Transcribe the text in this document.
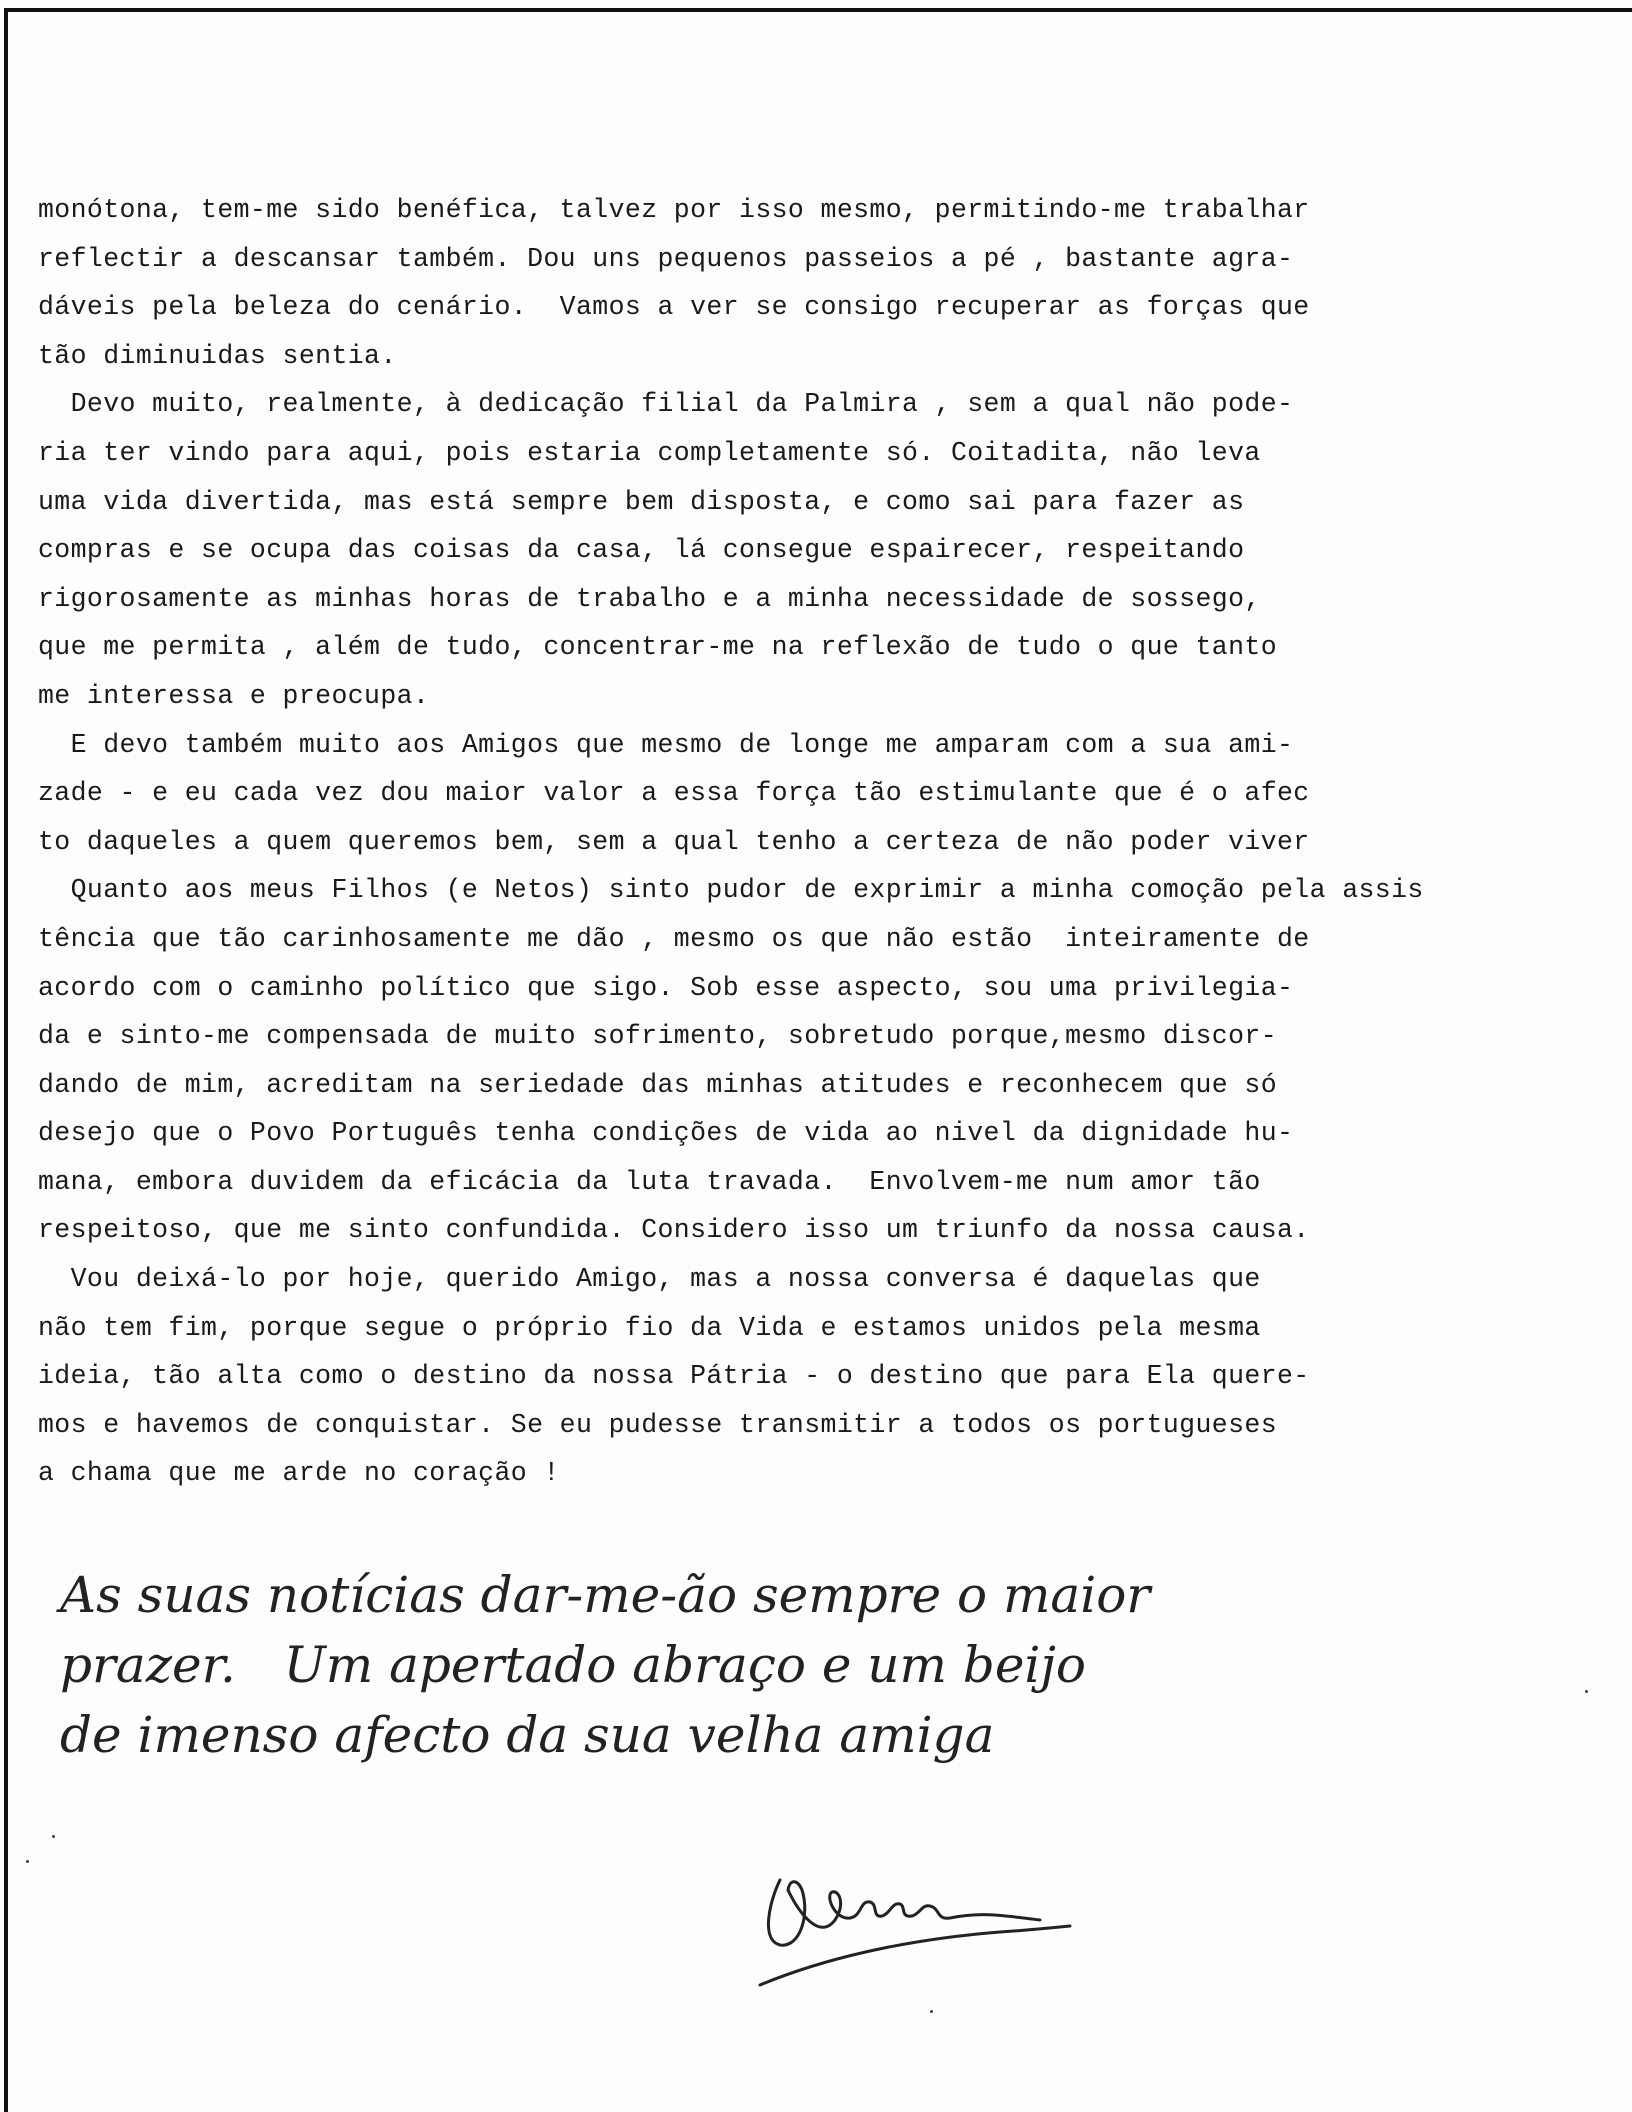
monótona, tem-me sido benéfica, talvez por isso mesmo, permitindo-me trabalhar
reflectir a descansar também. Dou uns pequenos passeios a pé , bastante agra-
dáveis pela beleza do cenário.  Vamos a ver se consigo recuperar as forças que
tão diminuidas sentia.
Devo muito, realmente, à dedicação filial da Palmira , sem a qual não pode-
ria ter vindo para aqui, pois estaria completamente só. Coitadita, não leva
uma vida divertida, mas está sempre bem disposta, e como sai para fazer as
compras e se ocupa das coisas da casa, lá consegue espairecer, respeitando
rigorosamente as minhas horas de trabalho e a minha necessidade de sossego,
que me permita , além de tudo, concentrar-me na reflexão de tudo o que tanto
me interessa e preocupa.
E devo também muito aos Amigos que mesmo de longe me amparam com a sua ami-
zade - e eu cada vez dou maior valor a essa força tão estimulante que é o afec
to daqueles a quem queremos bem, sem a qual tenho a certeza de não poder viver
Quanto aos meus Filhos (e Netos) sinto pudor de exprimir a minha comoção pela assis
tência que tão carinhosamente me dão , mesmo os que não estão  inteiramente de
acordo com o caminho político que sigo. Sob esse aspecto, sou uma privilegia-
da e sinto-me compensada de muito sofrimento, sobretudo porque,mesmo discor-
dando de mim, acreditam na seriedade das minhas atitudes e reconhecem que só
desejo que o Povo Português tenha condições de vida ao nivel da dignidade hu-
mana, embora duvidem da eficácia da luta travada.  Envolvem-me num amor tão
respeitoso, que me sinto confundida. Considero isso um triunfo da nossa causa.
Vou deixá-lo por hoje, querido Amigo, mas a nossa conversa é daquelas que
não tem fim, porque segue o próprio fio da Vida e estamos unidos pela mesma
ideia, tão alta como o destino da nossa Pátria - o destino que para Ela quere-
mos e havemos de conquistar. Se eu pudesse transmitir a todos os portugueses
a chama que me arde no coração !
As suas notícias dar-me-ão sempre o maior
prazer.   Um apertado abraço e um beijo
de imenso afecto da sua velha amiga
